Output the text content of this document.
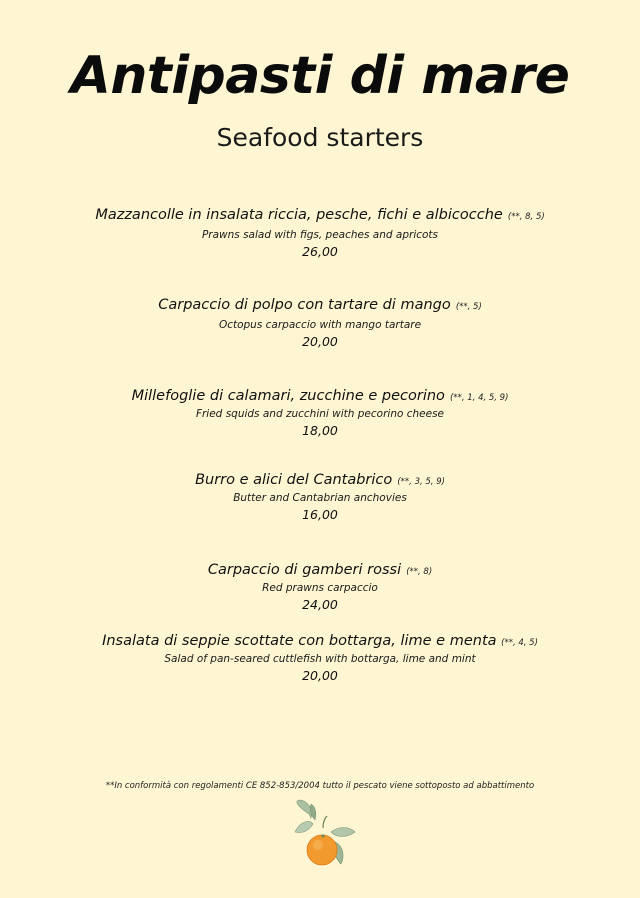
Antipasti di mare
Seafood starters
Mazzancolle in insalata riccia, pesche, fichi e albicocche (**, 8, 5)
Prawns salad with figs, peaches and apricots
26,00
Carpaccio di polpo con tartare di mango (**, 5)
Octopus carpaccio with mango tartare
20,00
Millefoglie di calamari, zucchine e pecorino (**, 1, 4, 5, 9)
Fried squids and zucchini with pecorino cheese
18,00
Burro e alici del Cantabrico (**, 3, 5, 9)
Butter and Cantabrian anchovies
16,00
Carpaccio di gamberi rossi (**, 8)
Red prawns carpaccio
24,00
Insalata di seppie scottate con bottarga, lime e menta (**, 4, 5)
Salad of pan-seared cuttlefish with bottarga, lime and mint
20,00
**In conformità con regolamenti CE 852-853/2004 tutto il pescato viene sottoposto ad abbattimento
